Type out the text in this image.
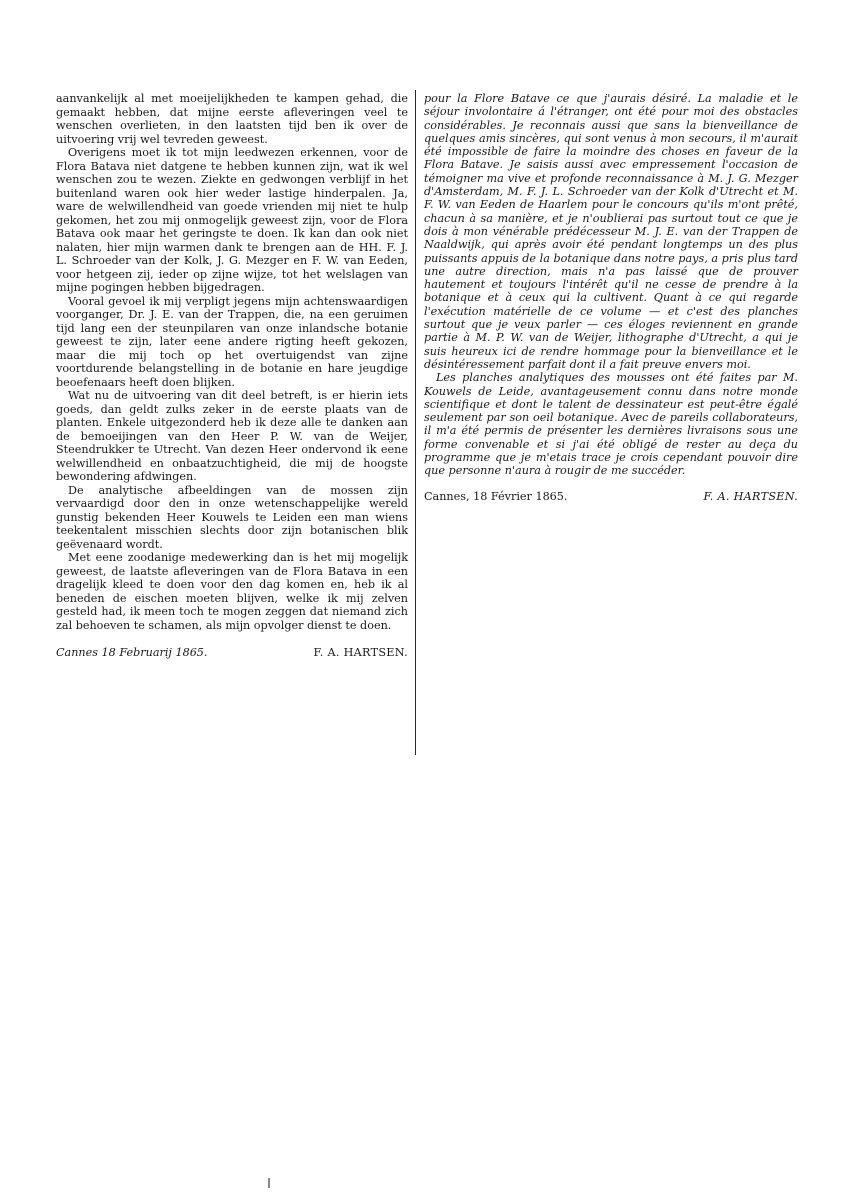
aanvankelijk al met moeijelijkheden te kampen gehad, die gemaakt hebben, dat mijne eerste afleveringen veel te wenschen overlieten, in den laatsten tijd ben ik over de uitvoering vrij wel tevreden geweest.

Overigens moet ik tot mijn leedwezen erkennen, voor de Flora Batava niet datgene te hebben kunnen zijn, wat ik wel wenschen zou te wezen. Ziekte en gedwongen verblijf in het buitenland waren ook hier weder lastige hinderpalen. Ja, ware de welwillendheid van goede vrienden mij niet te hulp gekomen, het zou mij onmogelijk geweest zijn, voor de Flora Batava ook maar het geringste te doen. Ik kan dan ook niet nalaten, hier mijn warmen dank te brengen aan de HH. F. J. L. Schroeder van der Kolk, J. G. Mezger en F. W. van Eeden, voor hetgeen zij, ieder op zijne wijze, tot het welslagen van mijne pogingen hebben bijgedragen.

Vooral gevoel ik mij verpligt jegens mijn achtenswaardigen voorganger, Dr. J. E. van der Trappen, die, na een geruimen tijd lang een der steunpilaren van onze inlandsche botanie geweest te zijn, later eene andere rigting heeft gekozen, maar die mij toch op het overtuigendst van zijne voortdurende belangstelling in de botanie en hare jeugdige beoefenaars heeft doen blijken.

Wat nu de uitvoering van dit deel betreft, is er hierin iets goeds, dan geldt zulks zeker in de eerste plaats van de planten. Enkele uitgezonderd heb ik deze alle te danken aan de bemoeijingen van den Heer P. W. van de Weijer, Steendrukker te Utrecht. Van dezen Heer ondervond ik eene welwillendheid en onbaatzuchtigheid, die mij de hoogste bewondering afdwingen.

De analytische afbeeldingen van de mossen zijn vervaardigd door den in onze wetenschappelijke wereld gunstig bekenden Heer Kouwels te Leiden een man wiens teekentalent misschien slechts door zijn botanischen blik geëvenaard wordt.

Met eene zoodanige medewerking dan is het mij mogelijk geweest, de laatste afleveringen van de Flora Batava in een dragelijk kleed te doen voor den dag komen en, heb ik al beneden de eischen moeten blijven, welke ik mij zelven gesteld had, ik meen toch te mogen zeggen dat niemand zich zal behoeven te schamen, als mijn opvolger dienst te doen.

Cannes 18 Februarij 1865.	F. A. HARTSEN.

pour la Flore Batave ce que j'aurais désiré. La maladie et le séjour involontaire á l'étranger, ont été pour moi des obstacles considérables. Je reconnais aussi que sans la bienveillance de quelques amis sincères, qui sont venus à mon secours, il m'aurait été impossible de faire la moindre des choses en faveur de la Flora Batave. Je saisis aussi avec empressement l'occasion de témoigner ma vive et profonde reconnaissance à M. J. G. Mezger d'Amsterdam, M. F. J. L. Schroeder van der Kolk d'Utrecht et M. F. W. van Eeden de Haarlem pour le concours qu'ils m'ont prêté, chacun à sa manière, et je n'oublierai pas surtout tout ce que je dois à mon vénérable prédécesseur M. J. E. van der Trappen de Naaldwijk, qui après avoir été pendant longtemps un des plus puissants appuis de la botanique dans notre pays, a pris plus tard une autre direction, mais n'a pas laissé que de prouver hautement et toujours l'intérêt qu'il ne cesse de prendre à la botanique et à ceux qui la cultivent. Quant à ce qui regarde l'exécution matérielle de ce volume — et c'est des planches surtout que je veux parler — ces éloges reviennent en grande partie à M. P. W. van de Weijer, lithographe d'Utrecht, a qui je suis heureux ici de rendre hommage pour la bienveillance et le désintéressement parfait dont il a fait preuve envers moi.

Les planches analytiques des mousses ont été faites par M. Kouwels de Leide, avantageusement connu dans notre monde scientifique et dont le talent de dessinateur est peut-être égalé seulement par son oeil botanique. Avec de pareils collaborateurs, il m'a été permis de présenter les dernières livraisons sous une forme convenable et si j'ai été obligé de rester au deça du programme que je m'etais trace je crois cependant pouvoir dire que personne n'aura à rougir de me succéder.

Cannes, 18 Février 1865.	F. A. HARTSEN.
